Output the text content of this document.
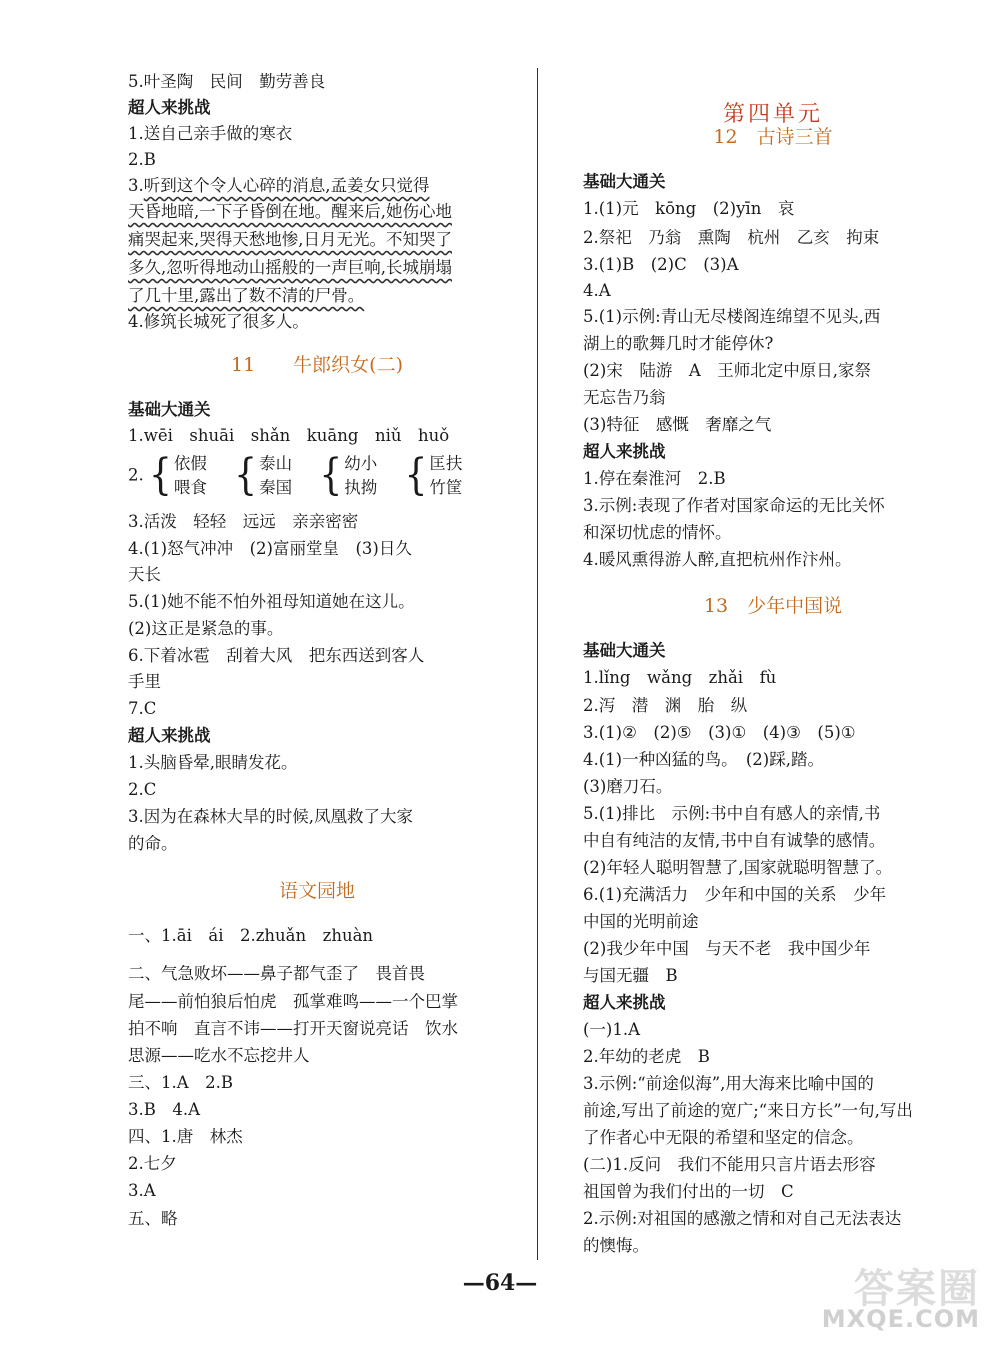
5.叶圣陶　民间　勤劳善良
超人来挑战
1.送自己亲手做的寒衣
2.B
3.听到这个令人心碎的消息,孟姜女只觉得
天昏地暗,一下子昏倒在地。醒来后,她伤心地
痛哭起来,哭得天愁地惨,日月无光。不知哭了
多久,忽听得地动山摇般的一声巨响,长城崩塌
了几十里,露出了数不清的尸骨。
4.修筑长城死了很多人。
11　　牛郎织女(二)
基础大通关
1.wēi　shuāi　shǎn　kuāng　niǔ　huǒ
2. { 依假
喂食 { 泰山
秦国 { 幼小
执拗 { 匡扶
竹筐
3.活泼　轻轻　远远　亲亲密密
4.(1)怒气冲冲　(2)富丽堂皇　(3)日久
天长
5.(1)她不能不怕外祖母知道她在这儿。
(2)这正是紧急的事。
6.下着冰雹　刮着大风　把东西送到客人
手里
7.C
超人来挑战
1.头脑昏晕,眼睛发花。
2.C
3.因为在森林大旱的时候,凤凰救了大家
的命。
语文园地
一、1.āi　ái　2.zhuǎn　zhuàn
二、气急败坏——鼻子都气歪了　畏首畏
尾——前怕狼后怕虎　孤掌难鸣——一个巴掌
拍不响　直言不讳——打开天窗说亮话　饮水
思源——吃水不忘挖井人
三、1.A　2.B
3.B　4.A
四、1.唐　林杰
2.七夕
3.A
五、略
第四单元
12　古诗三首
基础大通关
1.(1)元　kōng　(2)yīn　哀
2.祭祀　乃翁　熏陶　杭州　乙亥　拘束
3.(1)B　(2)C　(3)A
4.A
5.(1)示例:青山无尽楼阁连绵望不见头,西
湖上的歌舞几时才能停休?
(2)宋　陆游　A　王师北定中原日,家祭
无忘告乃翁
(3)特征　感慨　奢靡之气
超人来挑战
1.停在秦淮河　2.B
3.示例:表现了作者对国家命运的无比关怀
和深切忧虑的情怀。
4.暖风熏得游人醉,直把杭州作汴州。
13　少年中国说
基础大通关
1.lǐng　wǎng　zhǎi　fù
2.泻　潜　渊　胎　纵
3.(1)②　(2)⑤　(3)①　(4)③　(5)①
4.(1)一种凶猛的鸟。　(2)踩,踏。
(3)磨刀石。
5.(1)排比　示例:书中自有感人的亲情,书
中自有纯洁的友情,书中自有诚挚的感情。
(2)年轻人聪明智慧了,国家就聪明智慧了。
6.(1)充满活力　少年和中国的关系　少年
中国的光明前途
(2)我少年中国　与天不老　我中国少年
与国无疆　B
超人来挑战
(一)1.A
2.年幼的老虎　B
3.示例:“前途似海”,用大海来比喻中国的
前途,写出了前途的宽广;“来日方长”一句,写出
了作者心中无限的希望和坚定的信念。
(二)1.反问　我们不能用只言片语去形容
祖国曾为我们付出的一切　C
2.示例:对祖国的感激之情和对自己无法表达
的懊悔。
—64—	答案圈
MXQE.COM
